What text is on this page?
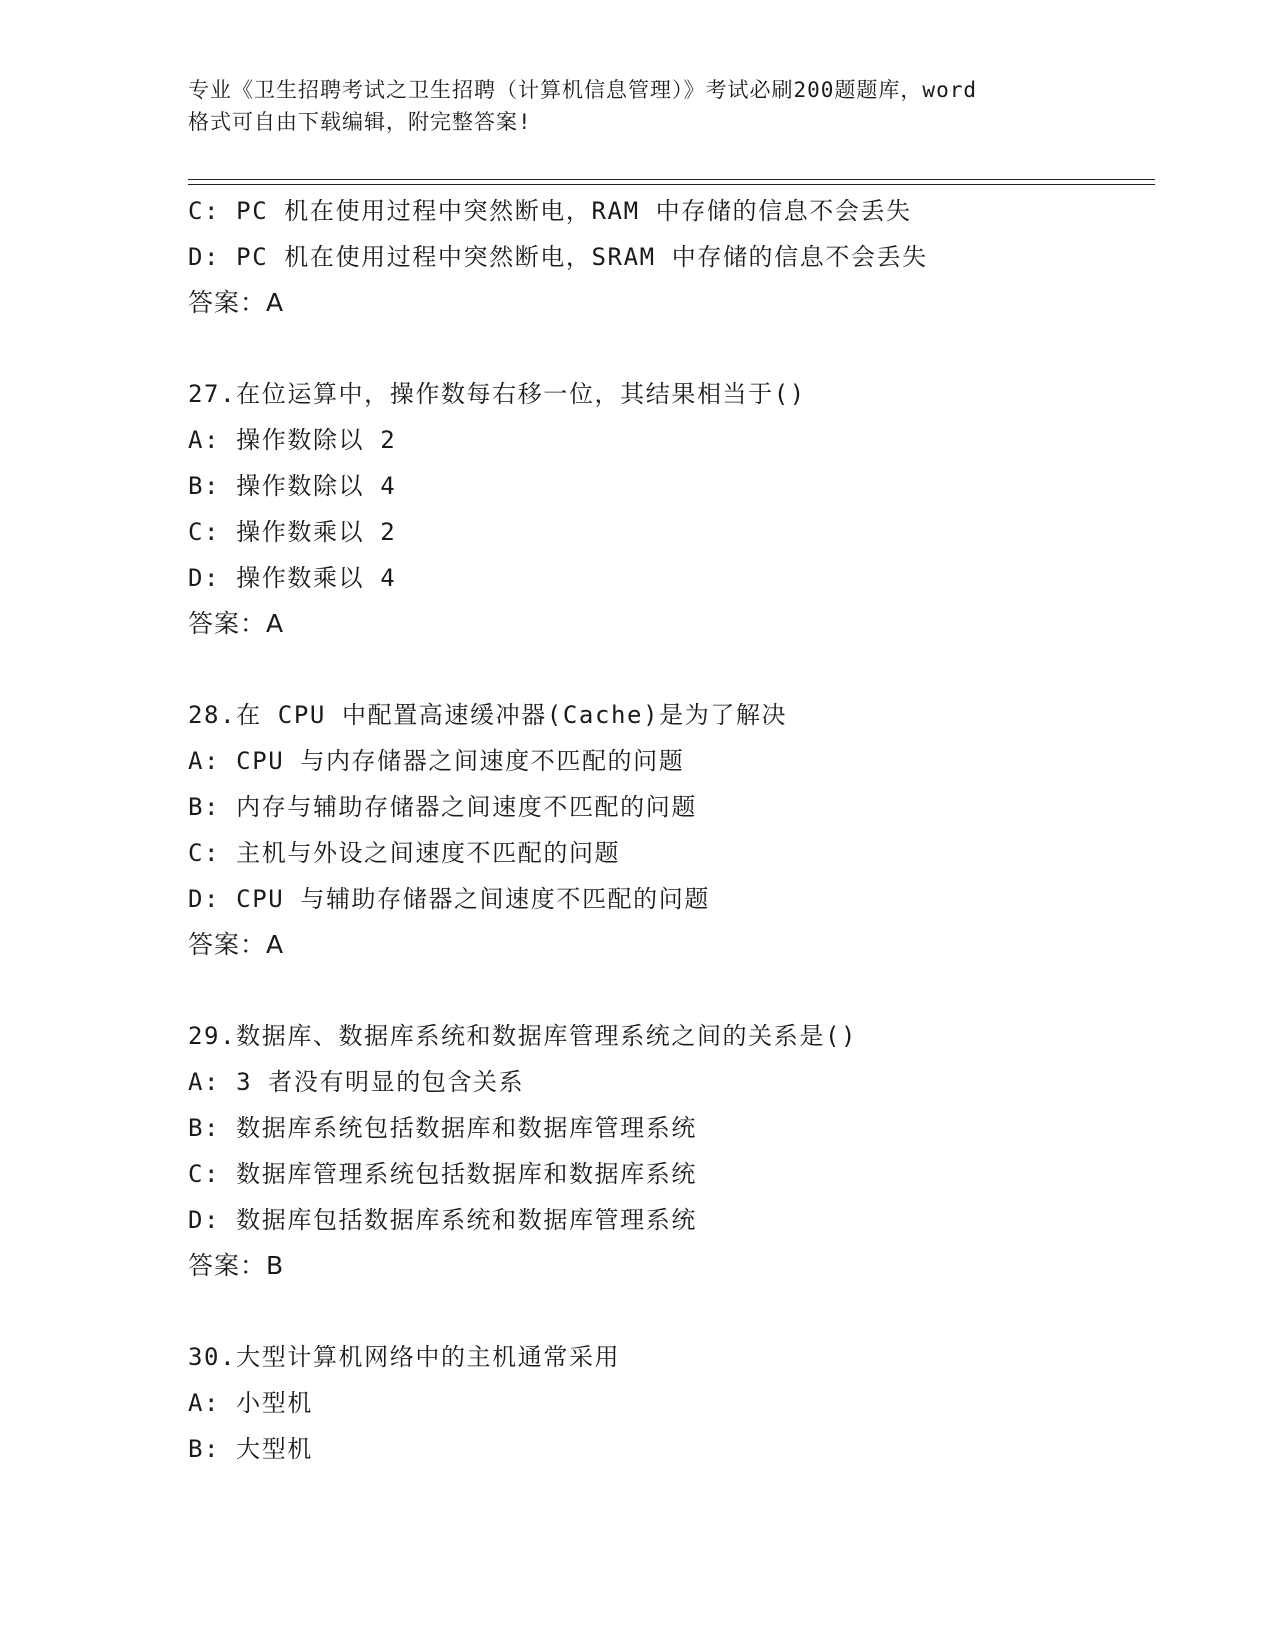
专业《卫生招聘考试之卫生招聘（计算机信息管理）》考试必刷200题题库，word
格式可自由下载编辑，附完整答案!
C: PC 机在使用过程中突然断电，RAM 中存储的信息不会丢失
D: PC 机在使用过程中突然断电，SRAM 中存储的信息不会丢失
答案：A
27.在位运算中，操作数每右移一位，其结果相当于()
A: 操作数除以 2
B: 操作数除以 4
C: 操作数乘以 2
D: 操作数乘以 4
答案：A
28.在 CPU 中配置高速缓冲器(Cache)是为了解决
A: CPU 与内存储器之间速度不匹配的问题
B: 内存与辅助存储器之间速度不匹配的问题
C: 主机与外设之间速度不匹配的问题
D: CPU 与辅助存储器之间速度不匹配的问题
答案：A
29.数据库、数据库系统和数据库管理系统之间的关系是()
A: 3 者没有明显的包含关系
B: 数据库系统包括数据库和数据库管理系统
C: 数据库管理系统包括数据库和数据库系统
D: 数据库包括数据库系统和数据库管理系统
答案：B
30.大型计算机网络中的主机通常采用
A: 小型机
B: 大型机
